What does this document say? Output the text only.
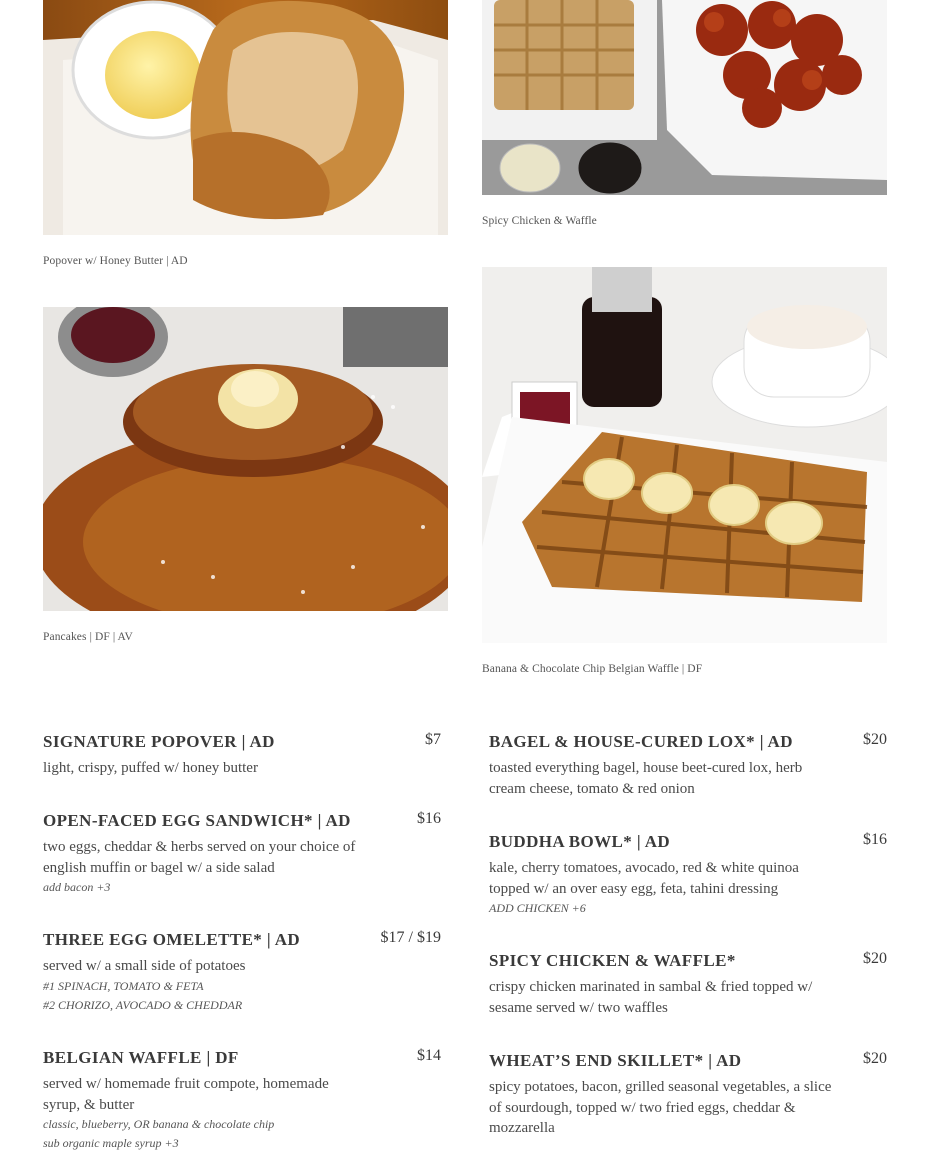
Popover w/ Honey Butter | AD
Spicy Chicken & Waffle
Pancakes | DF | AV
Banana & Chocolate Chip Belgian Waffle | DF
SIGNATURE POPOVER | AD	$7
light, crispy, puffed w/ honey butter
OPEN-FACED EGG SANDWICH* | AD	$16
two eggs, cheddar & herbs served on your choice of english muffin or bagel w/ a side salad
add bacon +3
THREE EGG OMELETTE* | AD	$17 / $19
served w/ a small side of potatoes
#1 SPINACH, TOMATO & FETA
#2 CHORIZO, AVOCADO & CHEDDAR
BELGIAN WAFFLE | DF	$14
served w/ homemade fruit compote, homemade syrup, & butter
classic, blueberry, OR banana & chocolate chip
sub organic maple syrup +3
BAGEL & HOUSE-CURED LOX* | AD	$20
toasted everything bagel, house beet-cured lox, herb cream cheese, tomato & red onion
BUDDHA BOWL* | AD	$16
kale, cherry tomatoes, avocado, red & white quinoa topped w/ an over easy egg, feta, tahini dressing
ADD CHICKEN +6
SPICY CHICKEN & WAFFLE*	$20
crispy chicken marinated in sambal & fried topped w/ sesame served w/ two waffles
WHEAT’S END SKILLET* | AD	$20
spicy potatoes, bacon, grilled seasonal vegetables, a slice of sourdough, topped w/ two fried eggs, cheddar & mozzarella
